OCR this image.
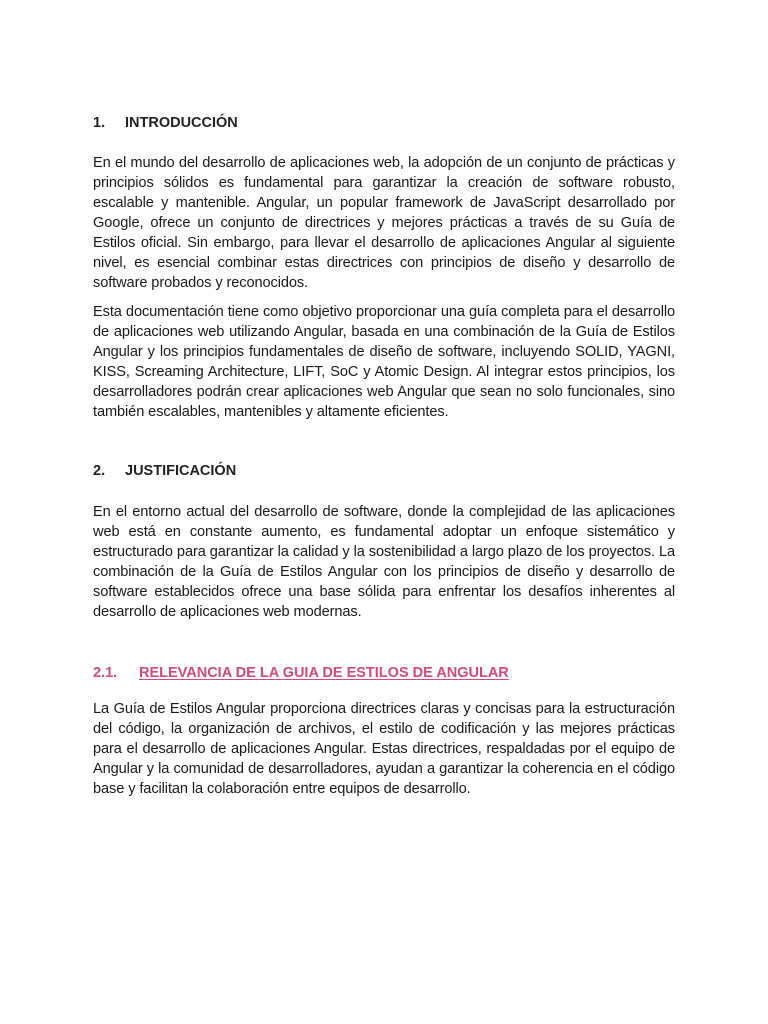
1. INTRODUCCIÓN

En el mundo del desarrollo de aplicaciones web, la adopción de un conjunto de prácticas y principios sólidos es fundamental para garantizar la creación de software robusto, escalable y mantenible. Angular, un popular framework de JavaScript desarrollado por Google, ofrece un conjunto de directrices y mejores prácticas a través de su Guía de Estilos oficial. Sin embargo, para llevar el desarrollo de aplicaciones Angular al siguiente nivel, es esencial combinar estas directrices con principios de diseño y desarrollo de software probados y reconocidos.

Esta documentación tiene como objetivo proporcionar una guía completa para el desarrollo de aplicaciones web utilizando Angular, basada en una combinación de la Guía de Estilos Angular y los principios fundamentales de diseño de software, incluyendo SOLID, YAGNI, KISS, Screaming Architecture, LIFT, SoC y Atomic Design. Al integrar estos principios, los desarrolladores podrán crear aplicaciones web Angular que sean no solo funcionales, sino también escalables, mantenibles y altamente eficientes.

2. JUSTIFICACIÓN

En el entorno actual del desarrollo de software, donde la complejidad de las aplicaciones web está en constante aumento, es fundamental adoptar un enfoque sistemático y estructurado para garantizar la calidad y la sostenibilidad a largo plazo de los proyectos. La combinación de la Guía de Estilos Angular con los principios de diseño y desarrollo de software establecidos ofrece una base sólida para enfrentar los desafíos inherentes al desarrollo de aplicaciones web modernas.

2.1. RELEVANCIA DE LA GUIA DE ESTILOS DE ANGULAR

La Guía de Estilos Angular proporciona directrices claras y concisas para la estructuración del código, la organización de archivos, el estilo de codificación y las mejores prácticas para el desarrollo de aplicaciones Angular. Estas directrices, respaldadas por el equipo de Angular y la comunidad de desarrolladores, ayudan a garantizar la coherencia en el código base y facilitan la colaboración entre equipos de desarrollo.
